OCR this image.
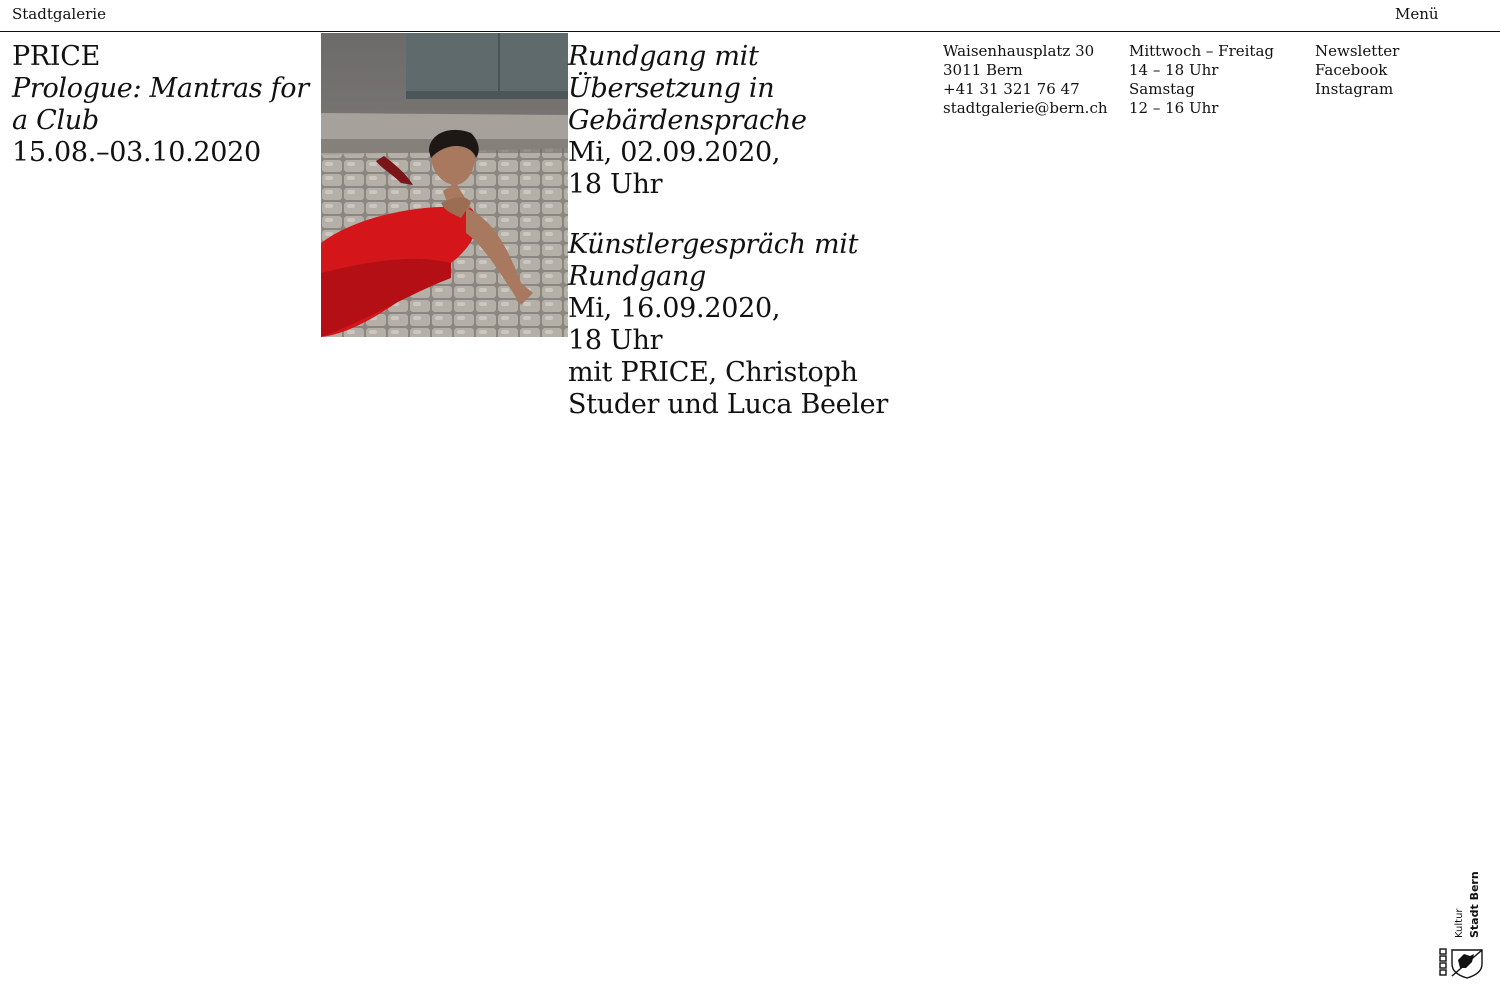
Stadtgalerie	Menü
PRICE
Prologue: Mantras for a Club
15.08.–03.10.2020
Rundgang mit Übersetzung in Gebärdensprache
Mi, 02.09.2020,
18 Uhr
Künstlergespräch mit Rundgang
Mi, 16.09.2020,
18 Uhr
mit PRICE, Christoph Studer und Luca Beeler
Waisenhausplatz 30
3011 Bern
+41 31 321 76 47
stadtgalerie@bern.ch
Mittwoch – Freitag
14 – 18 Uhr
Samstag
12 – 16 Uhr
Newsletter
Facebook
Instagram
Kultur Stadt Bern
